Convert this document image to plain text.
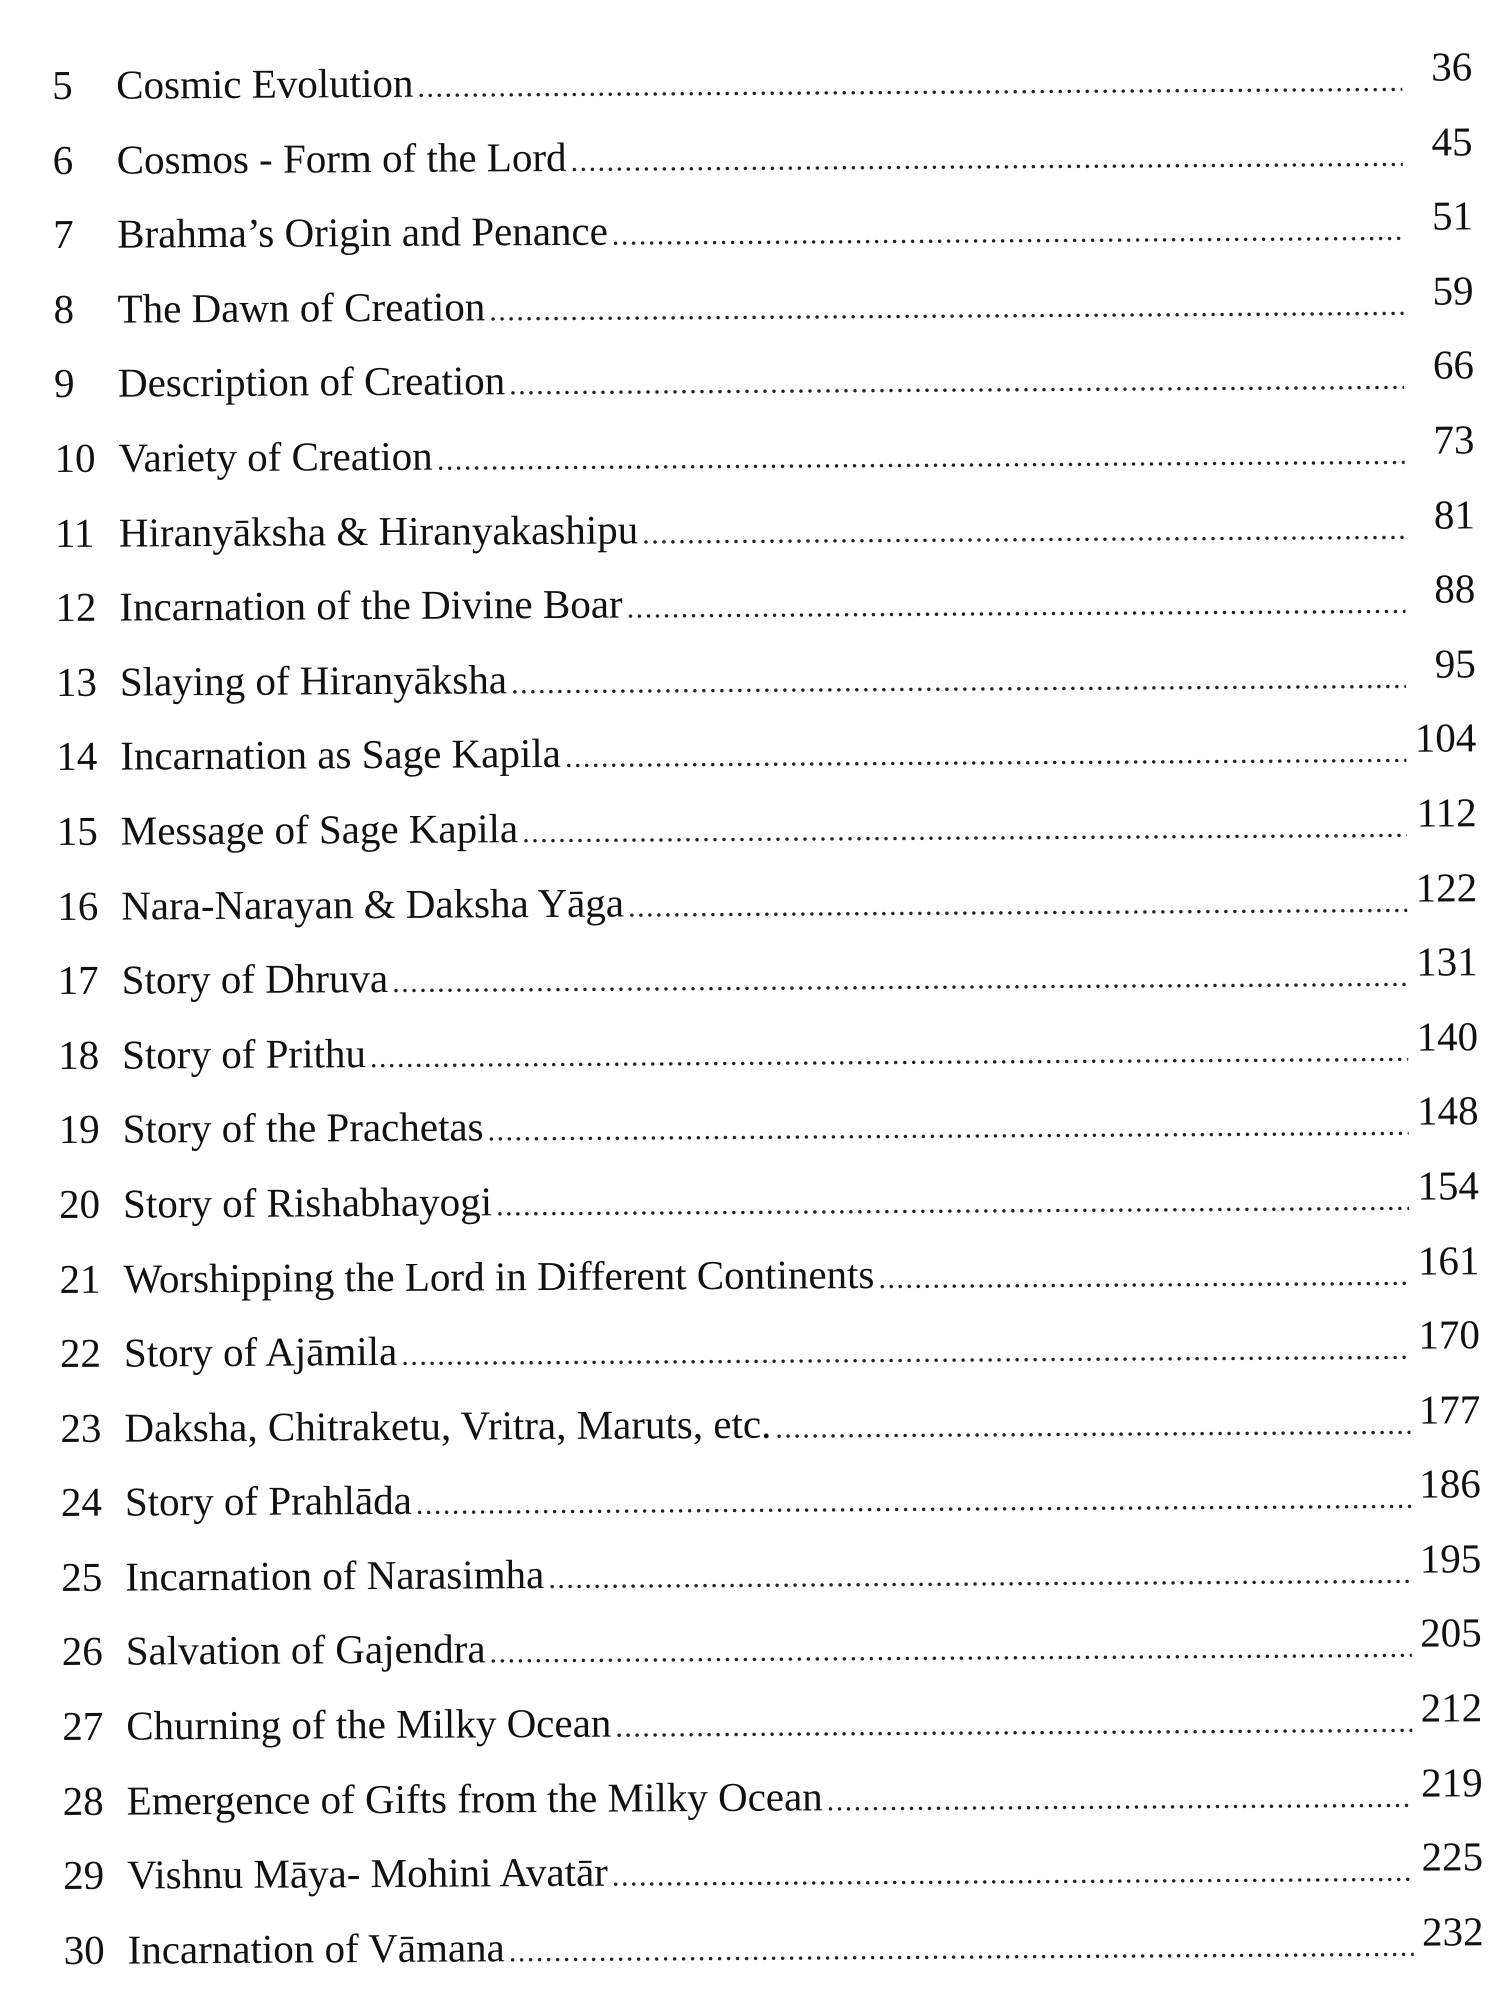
5	Cosmic Evolution .....	36
6	Cosmos - Form of the Lord .....	45
7	Brahma’s Origin and Penance .....	51
8	The Dawn of Creation .....	59
9	Description of Creation .....	66
10 Variety of Creation .....	73
11 Hiranyāksha & Hiranyakashipu .....	81
12 Incarnation of the Divine Boar .....	88
13 Slaying of Hiranyāksha .....	95
14 Incarnation as Sage Kapila .....	104
15 Message of Sage Kapila .....	112
16 Nara-Narayan & Daksha Yāga .....	122
17 Story of Dhruva .....	131
18 Story of Prithu .....	140
19 Story of the Prachetas .....	148
20 Story of Rishabhayogi .....	154
21 Worshipping the Lord in Different Continents .....	161
22 Story of Ajāmila .....	170
23 Daksha, Chitraketu, Vritra, Maruts, etc. .....	177
24 Story of Prahlāda .....	186
25 Incarnation of Narasimha .....	195
26 Salvation of Gajendra .....	205
27 Churning of the Milky Ocean .....	212
28 Emergence of Gifts from the Milky Ocean .....	219
29 Vishnu Māya- Mohini Avatār .....	225
30 Incarnation of Vāmana .....	232
